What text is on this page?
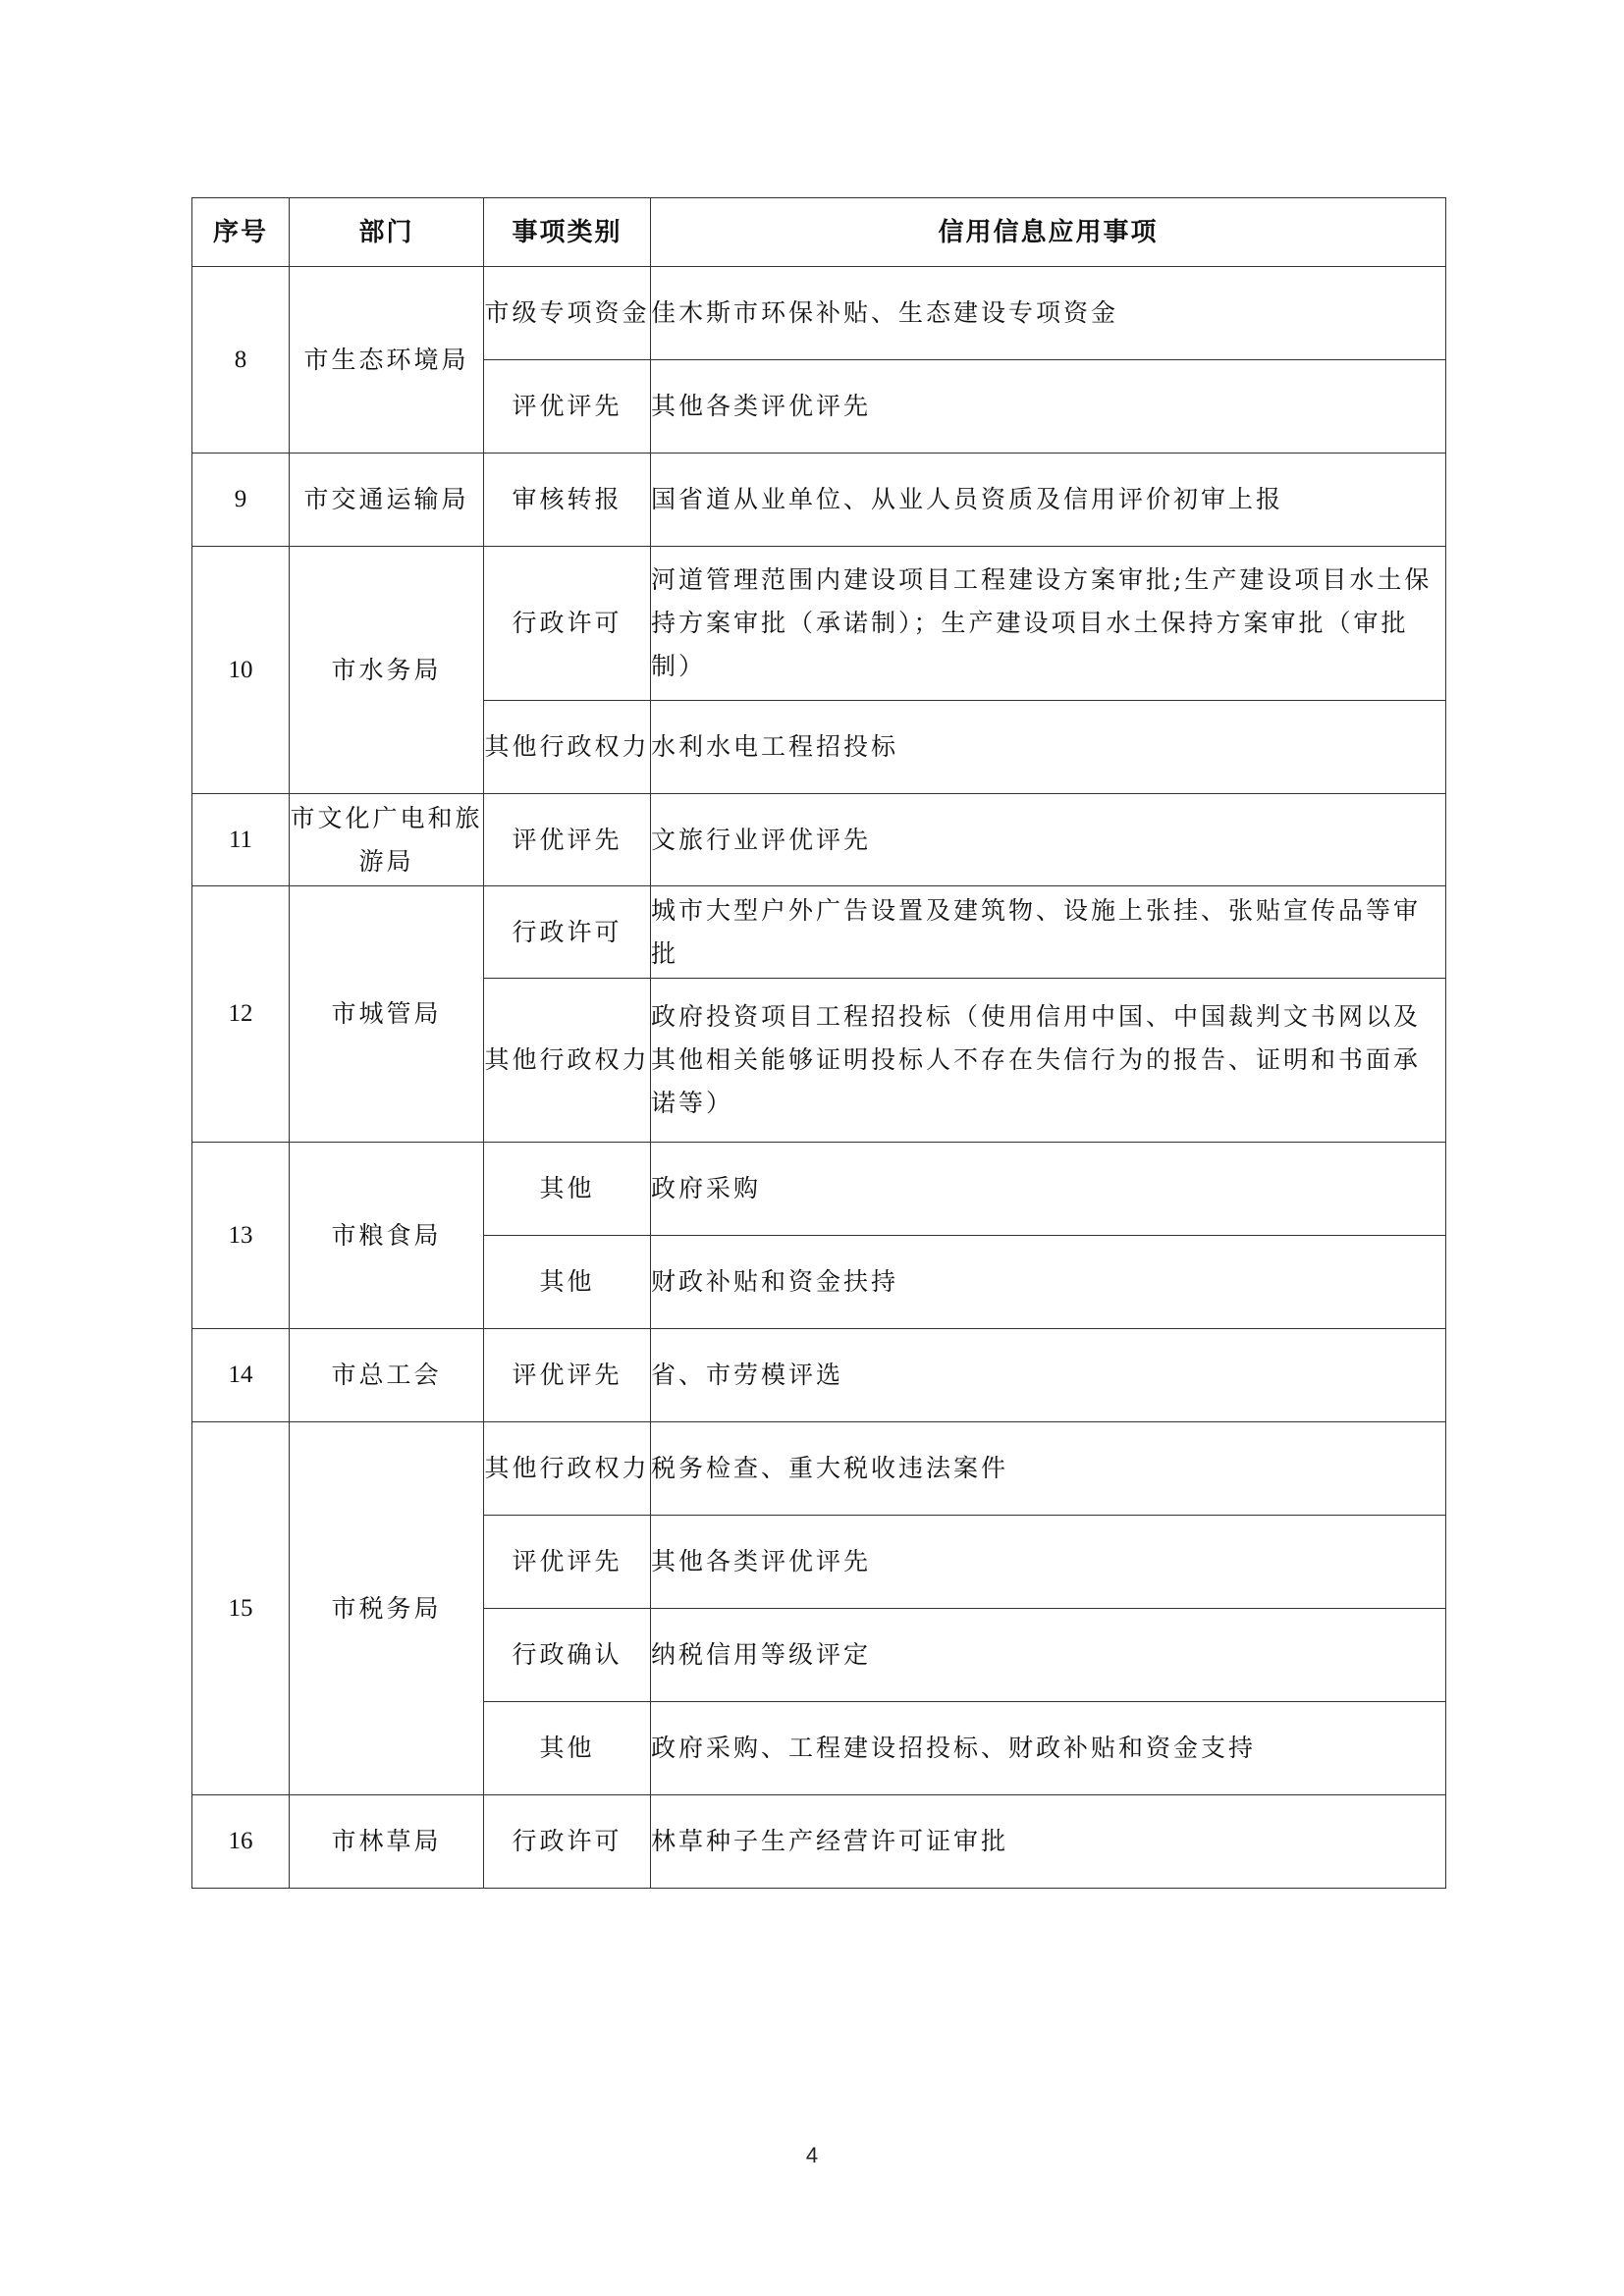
序号	部门	事项类别	信用信息应用事项
8	市生态环境局	市级专项资金	佳木斯市环保补贴、生态建设专项资金
		评优评先	其他各类评优评先
9	市交通运输局	审核转报	国省道从业单位、从业人员资质及信用评价初审上报
10	市水务局	行政许可	河道管理范围内建设项目工程建设方案审批;生产建设项目水土保持方案审批（承诺制）；生产建设项目水土保持方案审批（审批制）
		其他行政权力	水利水电工程招投标
11	市文化广电和旅游局	评优评先	文旅行业评优评先
12	市城管局	行政许可	城市大型户外广告设置及建筑物、设施上张挂、张贴宣传品等审批
		其他行政权力	政府投资项目工程招投标（使用信用中国、中国裁判文书网以及其他相关能够证明投标人不存在失信行为的报告、证明和书面承诺等）
13	市粮食局	其他	政府采购
		其他	财政补贴和资金扶持
14	市总工会	评优评先	省、市劳模评选
15	市税务局	其他行政权力	税务检查、重大税收违法案件
		评优评先	其他各类评优评先
		行政确认	纳税信用等级评定
		其他	政府采购、工程建设招投标、财政补贴和资金支持
16	市林草局	行政许可	林草种子生产经营许可证审批
4
